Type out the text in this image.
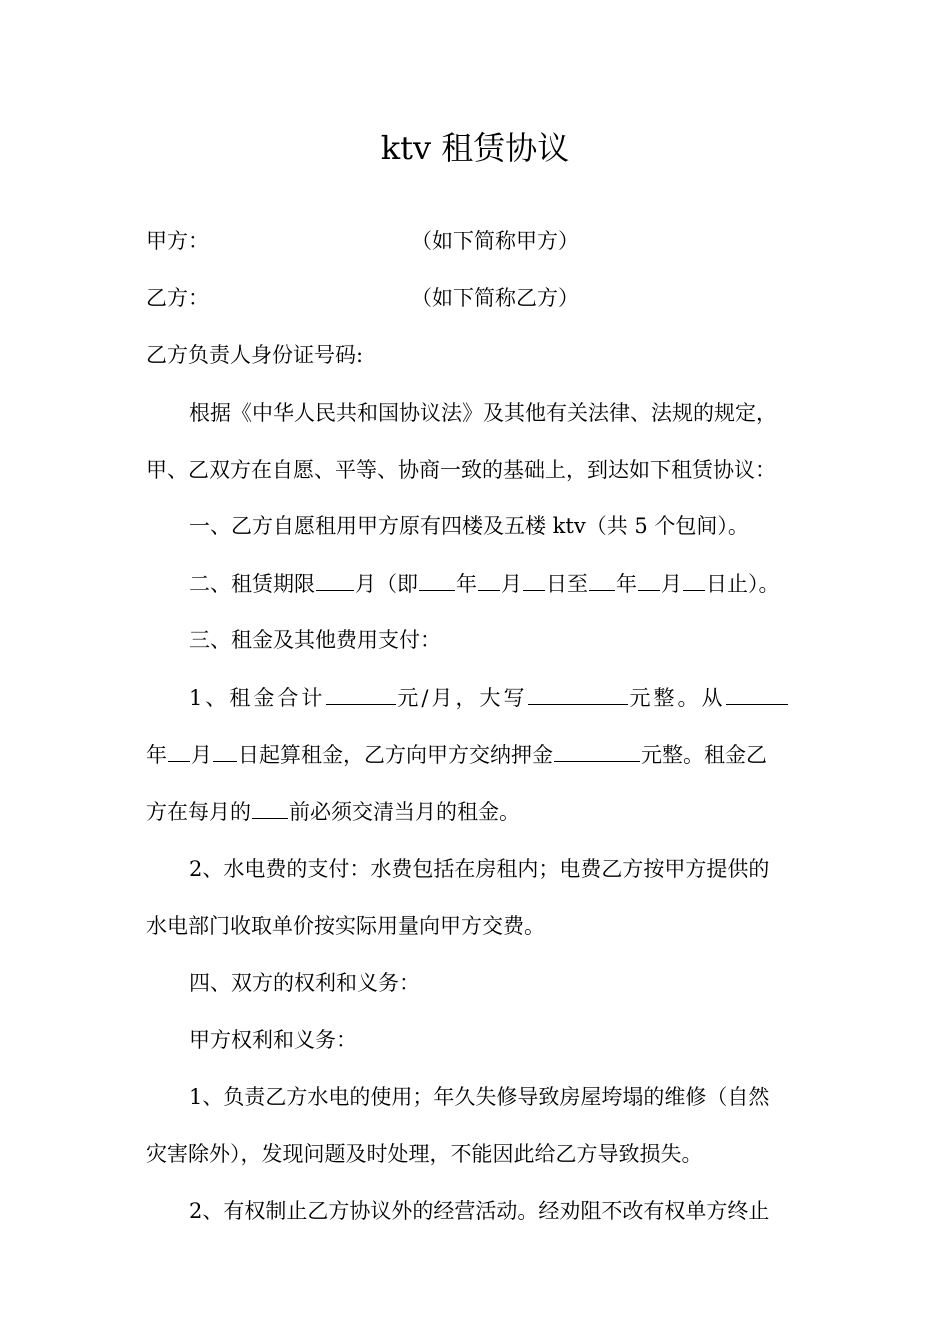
ktv 租赁协议
甲方：	（如下简称甲方）
乙方：	（如下简称乙方）
乙方负责人身份证号码:
根据《中华人民共和国协议法》及其他有关法律、法规的规定，
甲、乙双方在自愿、平等、协商一致的基础上，到达如下租赁协议：
一、乙方自愿租用甲方原有四楼及五楼 ktv（共 5 个包间）。
二、租赁期限 月（即 年 月 日至 年 月 日止）。
三、租金及其他费用支付：
1、租金合计	元/月，大写	元整。从
年 月 日起算租金，乙方向甲方交纳押金	元整。租金乙
方在每月的 前必须交清当月的租金。
2、水电费的支付：水费包括在房租内；电费乙方按甲方提供的
水电部门收取单价按实际用量向甲方交费。
四、双方的权利和义务：
甲方权利和义务：
1、负责乙方水电的使用；年久失修导致房屋垮塌的维修（自然
灾害除外），发现问题及时处理，不能因此给乙方导致损失。
2、有权制止乙方协议外的经营活动。经劝阻不改有权单方终止
